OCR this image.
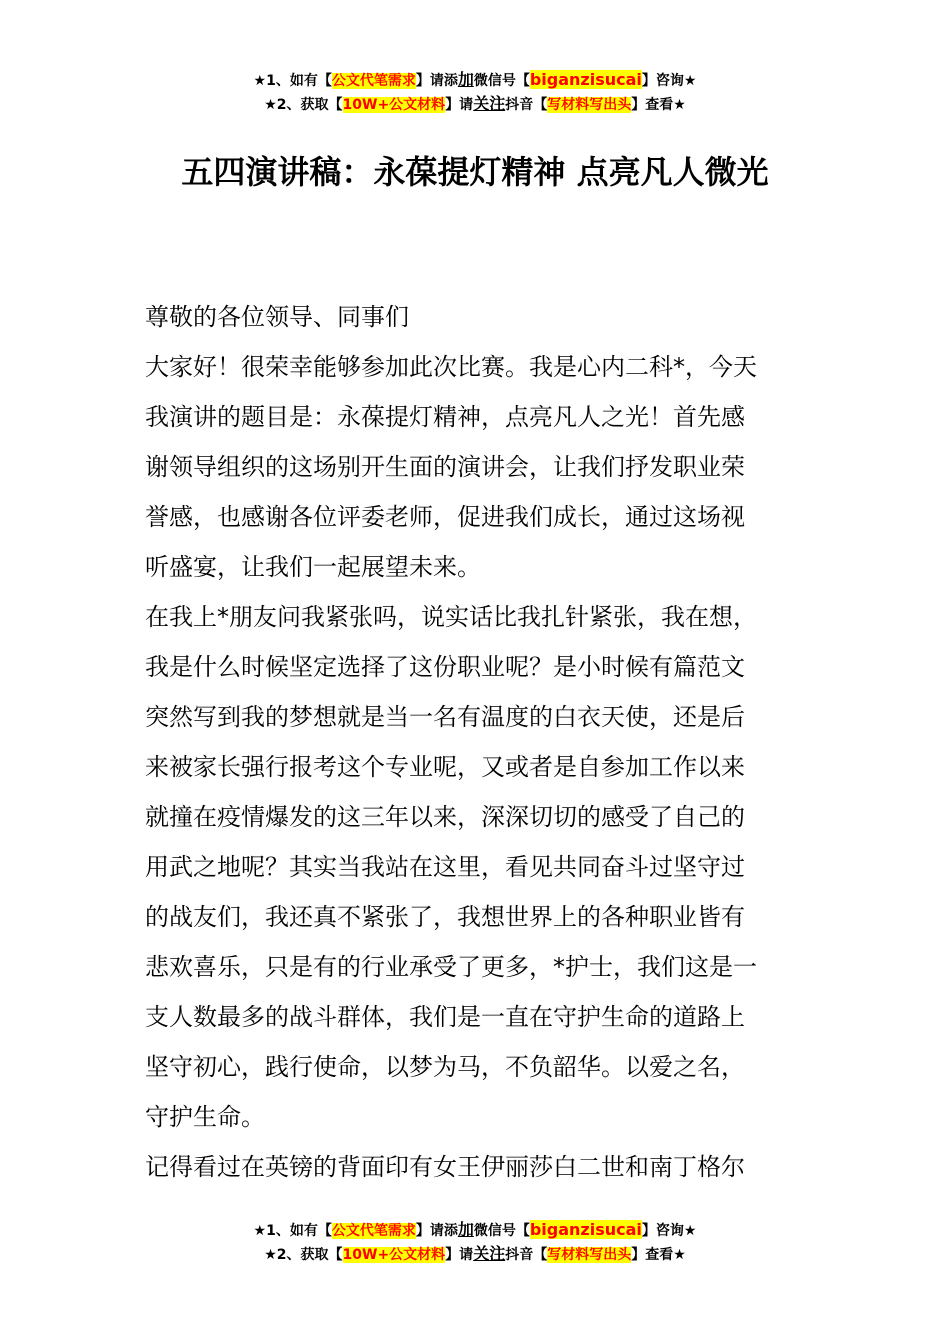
★1、如有【公文代笔需求】请添加微信号【biganzisucai】咨询★
★2、获取【10W+公文材料】请关注抖音【写材料写出头】查看★
五四演讲稿：永葆提灯精神 点亮凡人微光
尊敬的各位领导、同事们
大家好！很荣幸能够参加此次比赛。我是心内二科*，今天
我演讲的题目是：永葆提灯精神，点亮凡人之光！首先感
谢领导组织的这场别开生面的演讲会，让我们抒发职业荣
誉感，也感谢各位评委老师，促进我们成长，通过这场视
听盛宴，让我们一起展望未来。
在我上*朋友问我紧张吗，说实话比我扎针紧张，我在想，
我是什么时候坚定选择了这份职业呢？是小时候有篇范文
突然写到我的梦想就是当一名有温度的白衣天使，还是后
来被家长强行报考这个专业呢，又或者是自参加工作以来
就撞在疫情爆发的这三年以来，深深切切的感受了自己的
用武之地呢？其实当我站在这里，看见共同奋斗过坚守过
的战友们，我还真不紧张了，我想世界上的各种职业皆有
悲欢喜乐，只是有的行业承受了更多，*护士，我们这是一
支人数最多的战斗群体，我们是一直在守护生命的道路上
坚守初心，践行使命，以梦为马，不负韶华。以爱之名，
守护生命。
记得看过在英镑的背面印有女王伊丽莎白二世和南丁格尔
★1、如有【公文代笔需求】请添加微信号【biganzisucai】咨询★
★2、获取【10W+公文材料】请关注抖音【写材料写出头】查看★
